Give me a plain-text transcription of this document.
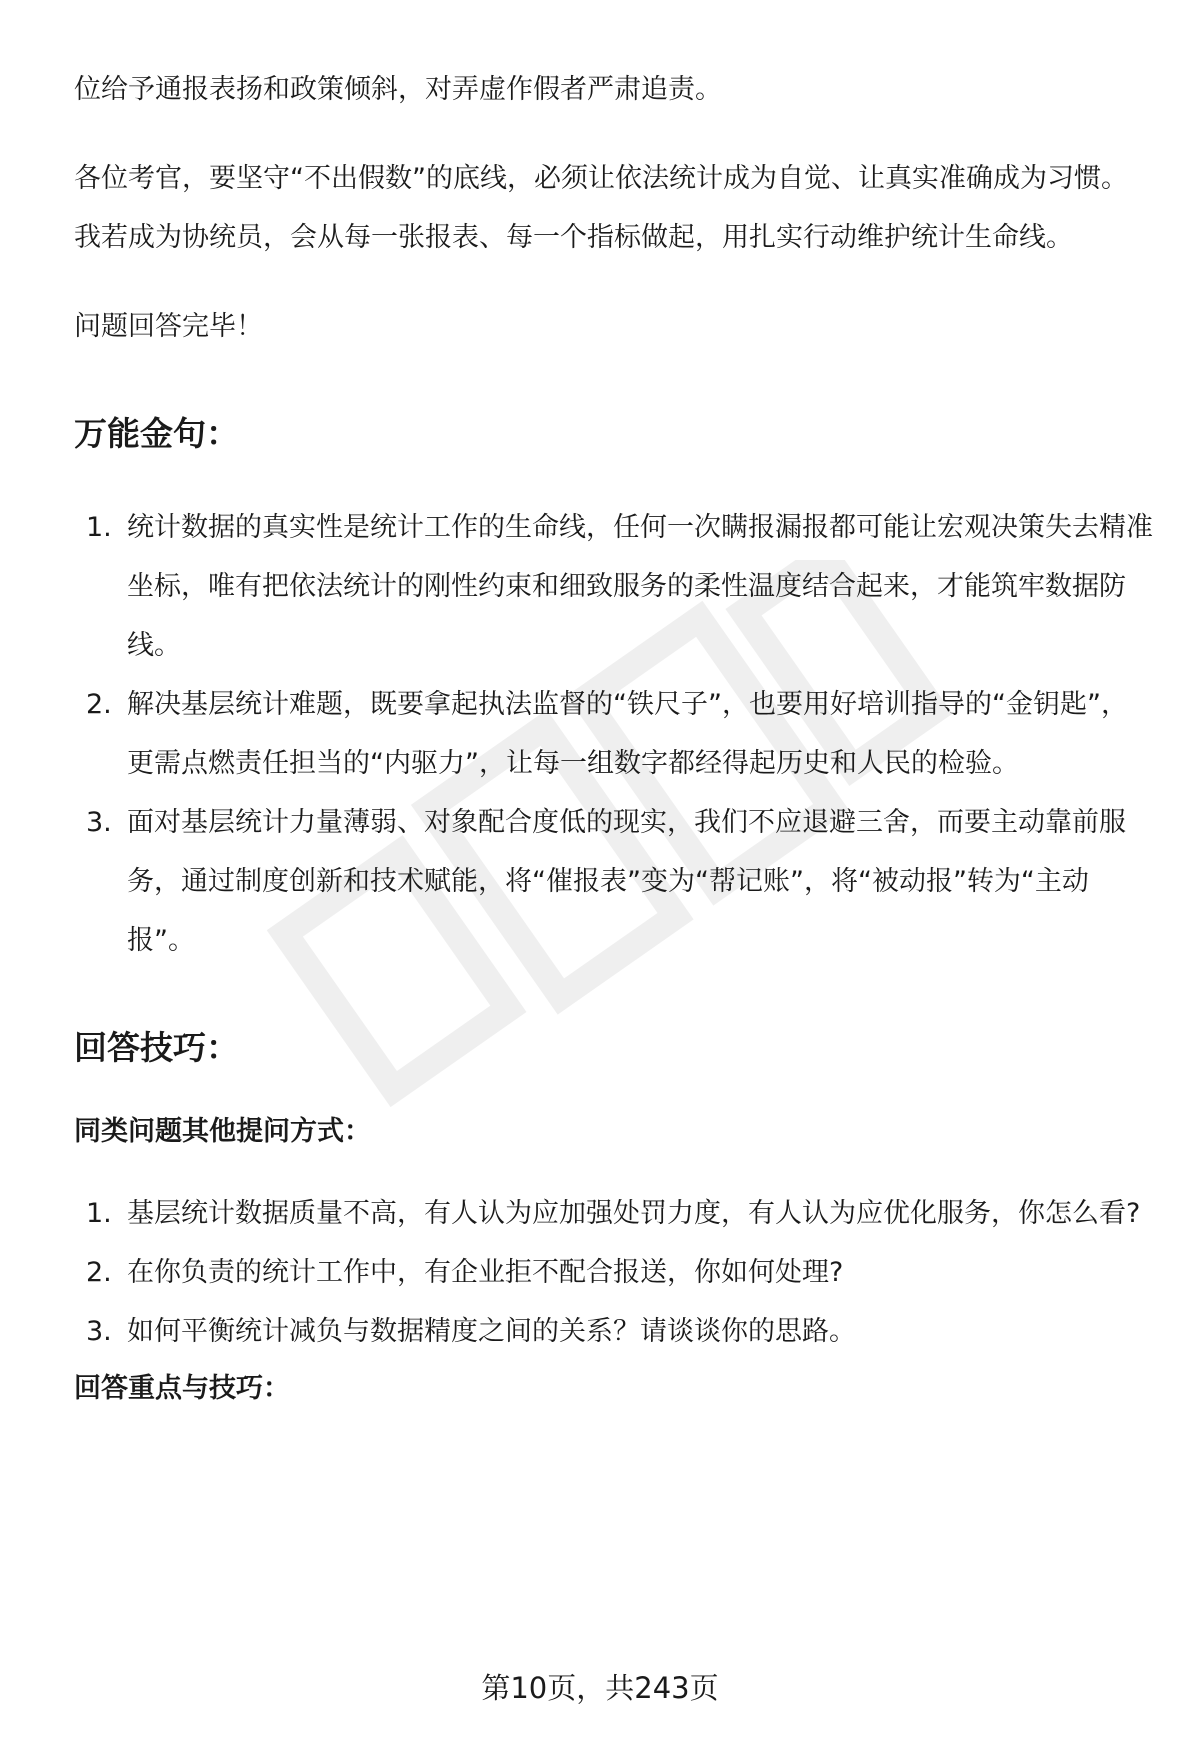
位给予通报表扬和政策倾斜，对弄虚作假者严肃追责。

各位考官，要坚守“不出假数”的底线，必须让依法统计成为自觉、让真实准确成为习惯。我若成为协统员，会从每一张报表、每一个指标做起，用扎实行动维护统计生命线。

问题回答完毕！

万能金句：
1. 统计数据的真实性是统计工作的生命线，任何一次瞒报漏报都可能让宏观决策失去精准坐标，唯有把依法统计的刚性约束和细致服务的柔性温度结合起来，才能筑牢数据防线。
2. 解决基层统计难题，既要拿起执法监督的“铁尺子”，也要用好培训指导的“金钥匙”，更需点燃责任担当的“内驱力”，让每一组数字都经得起历史和人民的检验。
3. 面对基层统计力量薄弱、对象配合度低的现实，我们不应退避三舍，而要主动靠前服务，通过制度创新和技术赋能，将“催报表”变为“帮记账”，将“被动报”转为“主动报”。
回答技巧：
同类问题其他提问方式：
1. 基层统计数据质量不高，有人认为应加强处罚力度，有人认为应优化服务，你怎么看?
2. 在你负责的统计工作中，有企业拒不配合报送，你如何处理?
3. 如何平衡统计减负与数据精度之间的关系？请谈谈你的思路。
回答重点与技巧：
第10页，共243页
